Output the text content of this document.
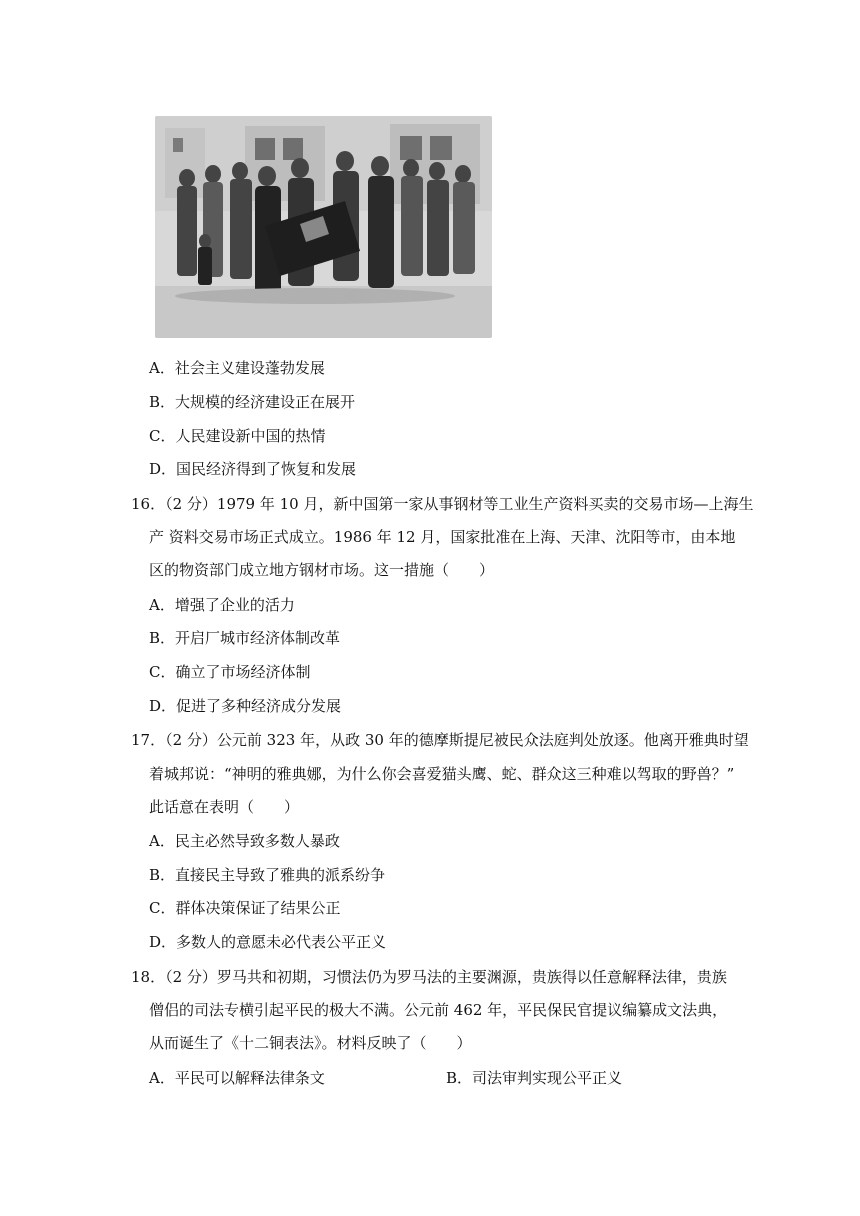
A．社会主义建设蓬勃发展
B．大规模的经济建设正在展开
C．人民建设新中国的热情
D．国民经济得到了恢复和发展
16．（2 分）1979 年 10 月，新中国第一家从事钢材等工业生产资料买卖的交易市场—上海生
产 资料交易市场正式成立。1986 年 12 月，国家批准在上海、天津、沈阳等市，由本地
区的物资部门成立地方钢材市场。这一措施（　　）
A．增强了企业的活力
B．开启厂城市经济体制改革
C．确立了市场经济体制
D．促进了多种经济成分发展
17．（2 分）公元前 323 年，从政 30 年的德摩斯提尼被民众法庭判处放逐。他离开雅典时望
着城邦说：“神明的雅典娜，为什么你会喜爱猫头鹰、蛇、群众这三种难以驾取的野兽？”
此话意在表明（　　）
A．民主必然导致多数人暴政
B．直接民主导致了雅典的派系纷争
C．群体决策保证了结果公正
D．多数人的意愿未必代表公平正义
18．（2 分）罗马共和初期，习惯法仍为罗马法的主要渊源，贵族得以任意解释法律，贵族
僧侣的司法专横引起平民的极大不满。公元前 462 年，平民保民官提议编纂成文法典，
从而诞生了《十二铜表法》。材料反映了（　　）
A．平民可以解释法律条文	B．司法审判实现公平正义
